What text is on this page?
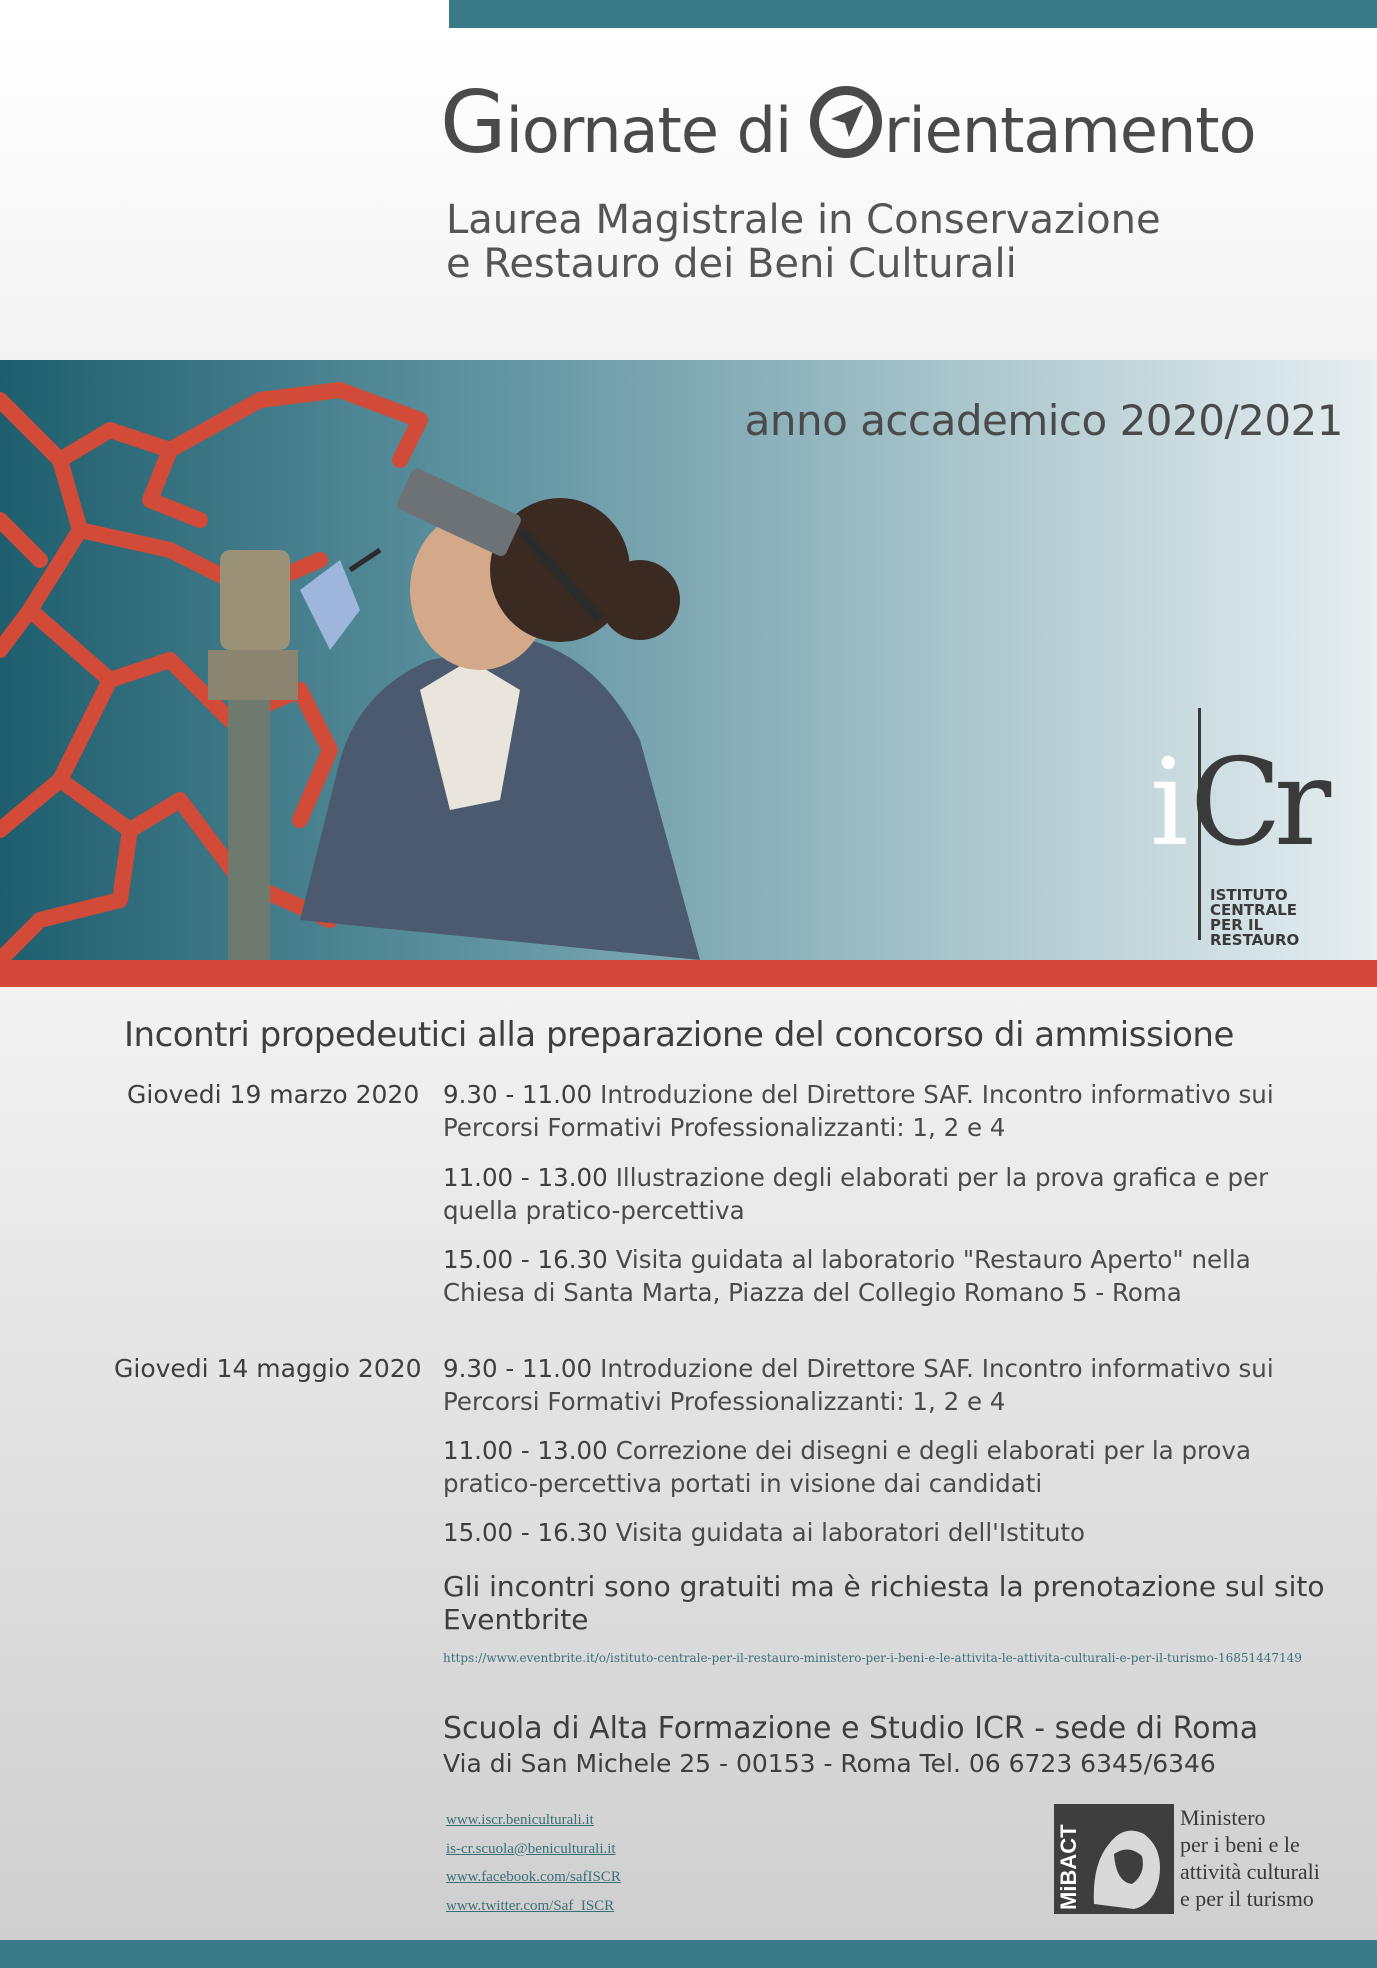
Giornate di
rientamento
Laurea Magistrale in Conservazione
e Restauro dei Beni Culturali
anno accademico 2020/2021
i Cr
ISTITUTO
CENTRALE
PER IL RESTAURO
Incontri propedeutici alla preparazione del concorso di ammissione
Giovedi 19 marzo 2020 9.30 - 11.00 Introduzione del Direttore SAF. Incontro informativo sui Percorsi Formativi Professionalizzanti: 1, 2 e 4
11.00 - 13.00 Illustrazione degli elaborati per la prova grafica e per quella pratico-percettiva
15.00 - 16.30 Visita guidata al laboratorio "Restauro Aperto" nella Chiesa di Santa Marta, Piazza del Collegio Romano 5 - Roma
Giovedi 14 maggio 2020 9.30 - 11.00 Introduzione del Direttore SAF. Incontro informativo sui Percorsi Formativi Professionalizzanti: 1, 2 e 4
11.00 - 13.00 Correzione dei disegni e degli elaborati per la prova pratico-percettiva portati in visione dai candidati
15.00 - 16.30 Visita guidata ai laboratori dell'Istituto
Gli incontri sono gratuiti ma è richiesta la prenotazione sul sito Eventbrite
https://www.eventbrite.it/o/istituto-centrale-per-il-restauro-ministero-per-i-beni-e-le-attivita-le-attivita-culturali-e-per-il-turismo-16851447149
Scuola di Alta Formazione e Studio ICR - sede di Roma
Via di San Michele 25 - 00153 - Roma Tel. 06 6723 6345/6346
www.iscr.beniculturali.it
is-cr.scuola@beniculturali.it
www.facebook.com/safISCR
www.twitter.com/Saf_ISCR	MiBACT
Ministero
per i beni e le
attività culturali
e per il turismo
